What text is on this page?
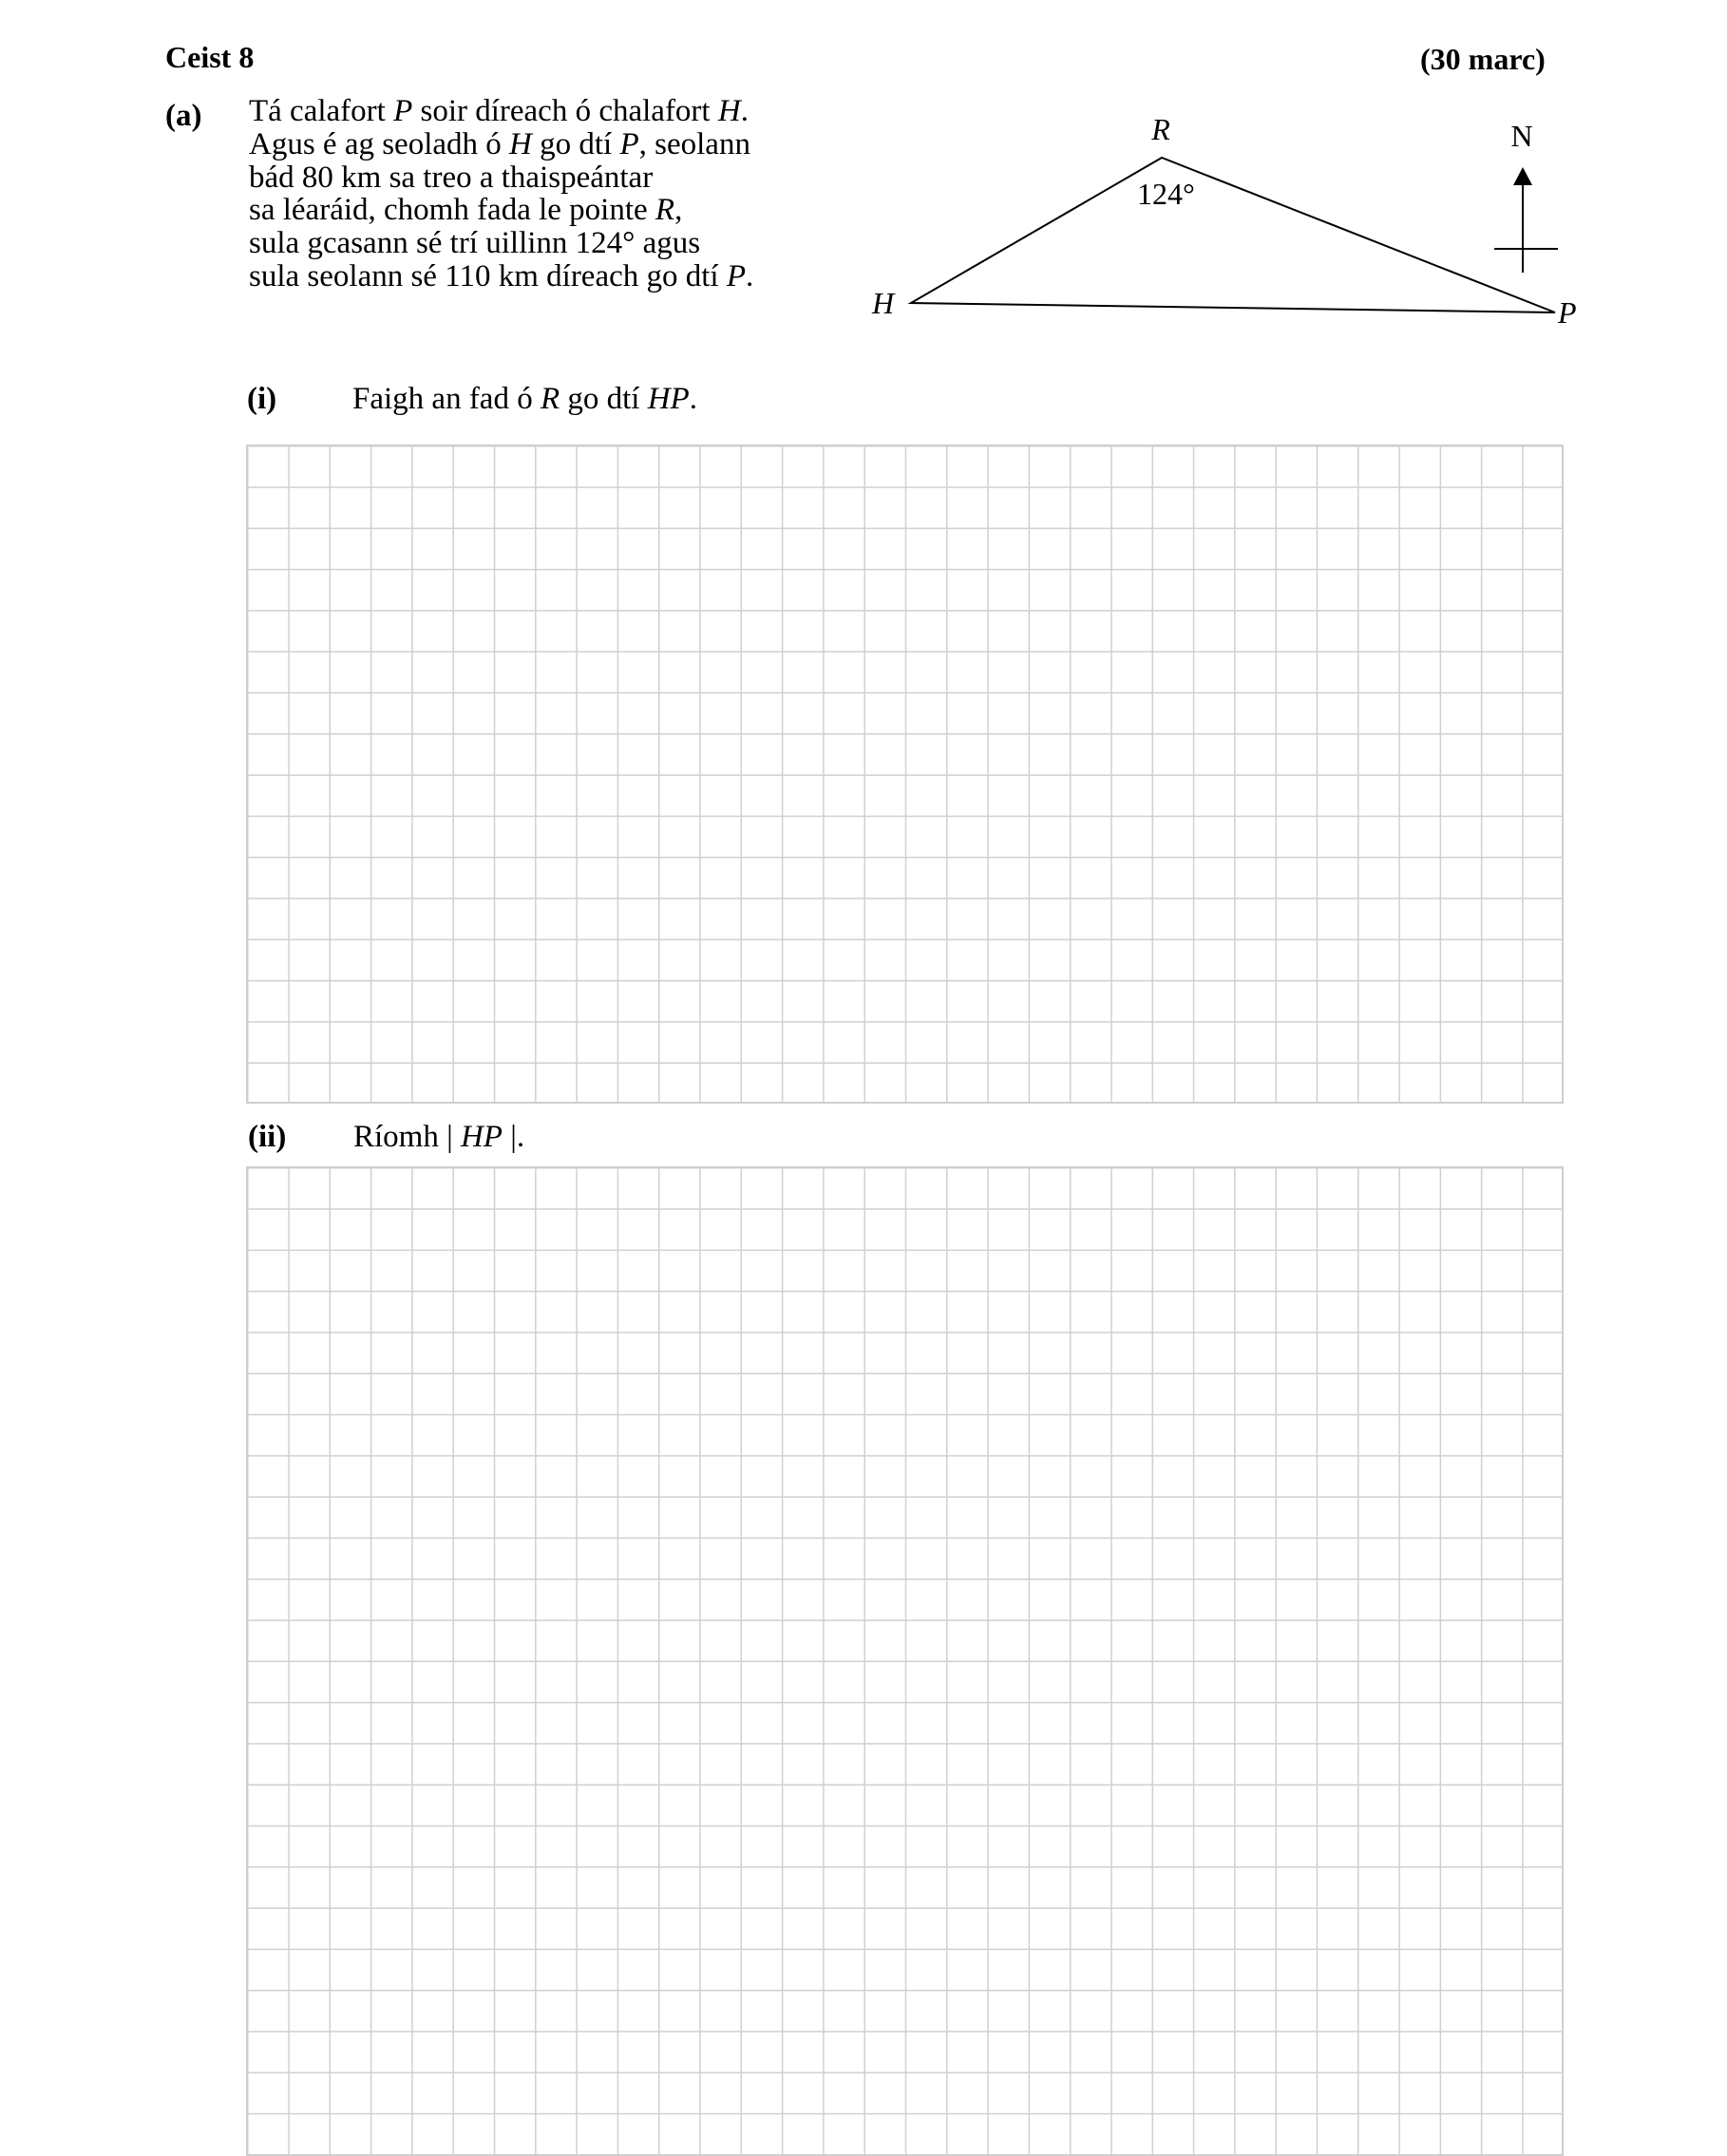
Ceist 8	(30 marc)
(a) Tá calafort P soir díreach ó chalafort H.
Agus é ag seoladh ó H go dtí P, seolann
bád 80 km sa treo a thaispeántar
sa léaráid, chomh fada le pointe R,
sula gcasann sé trí uillinn 124° agus
sula seolann sé 110 km díreach go dtí P.
N
R
124°
H	P
(i) Faigh an fad ó R go dtí HP.
(ii) Ríomh | HP |.
